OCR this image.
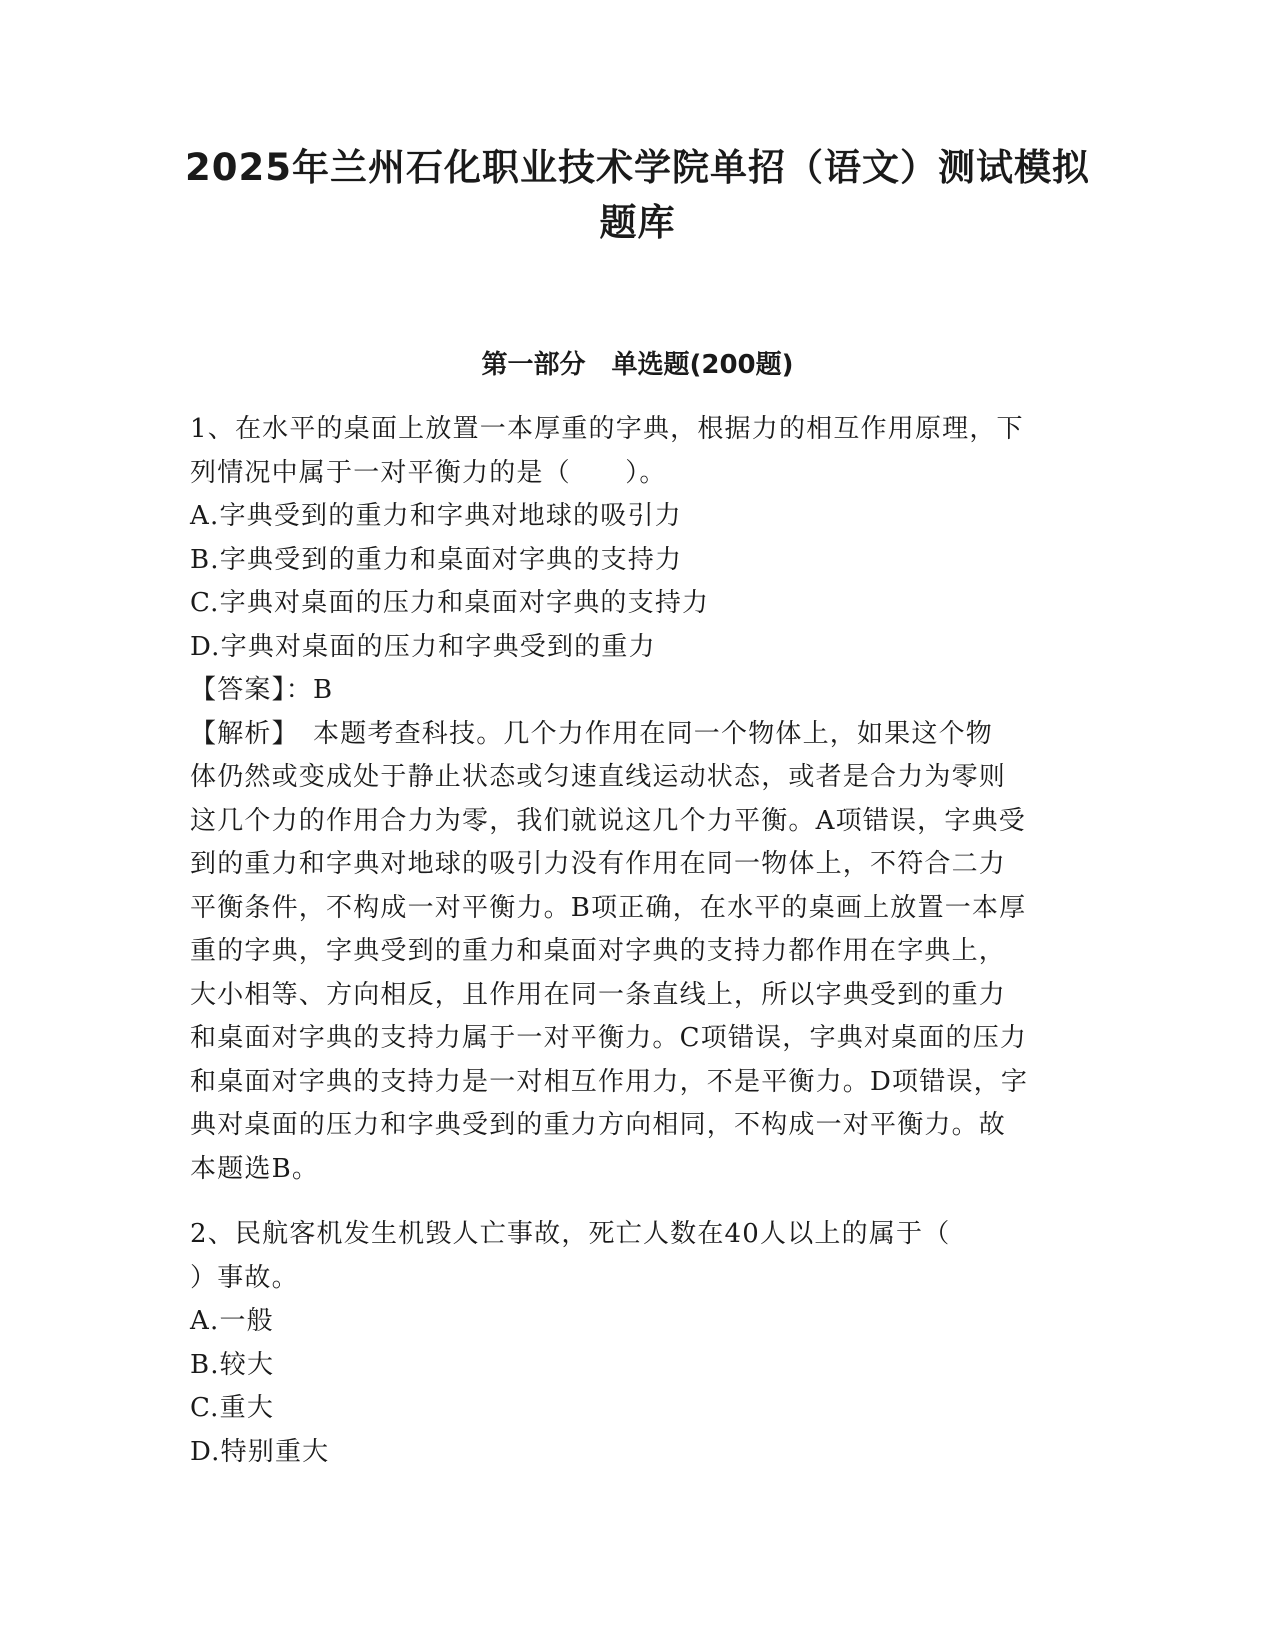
2025年兰州石化职业技术学院单招（语文）测试模拟
题库
第一部分　单选题(200题)

1、在水平的桌面上放置一本厚重的字典，根据力的相互作用原理，下

列情况中属于一对平衡力的是（　　）。

A.字典受到的重力和字典对地球的吸引力

B.字典受到的重力和桌面对字典的支持力

C.字典对桌面的压力和桌面对字典的支持力

D.字典对桌面的压力和字典受到的重力

【答案】：B

【解析】　本题考查科技。几个力作用在同一个物体上，如果这个物

体仍然或变成处于静止状态或匀速直线运动状态，或者是合力为零则

这几个力的作用合力为零，我们就说这几个力平衡。A项错误，字典受

到的重力和字典对地球的吸引力没有作用在同一物体上，不符合二力

平衡条件，不构成一对平衡力。B项正确，在水平的桌画上放置一本厚

重的字典，字典受到的重力和桌面对字典的支持力都作用在字典上，

大小相等、方向相反，且作用在同一条直线上，所以字典受到的重力

和桌面对字典的支持力属于一对平衡力。C项错误，字典对桌面的压力

和桌面对字典的支持力是一对相互作用力，不是平衡力。D项错误，字

典对桌面的压力和字典受到的重力方向相同，不构成一对平衡力。故

本题选B。

2、民航客机发生机毁人亡事故，死亡人数在40人以上的属于（

）事故。

A.一般

B.较大

C.重大

D.特别重大
